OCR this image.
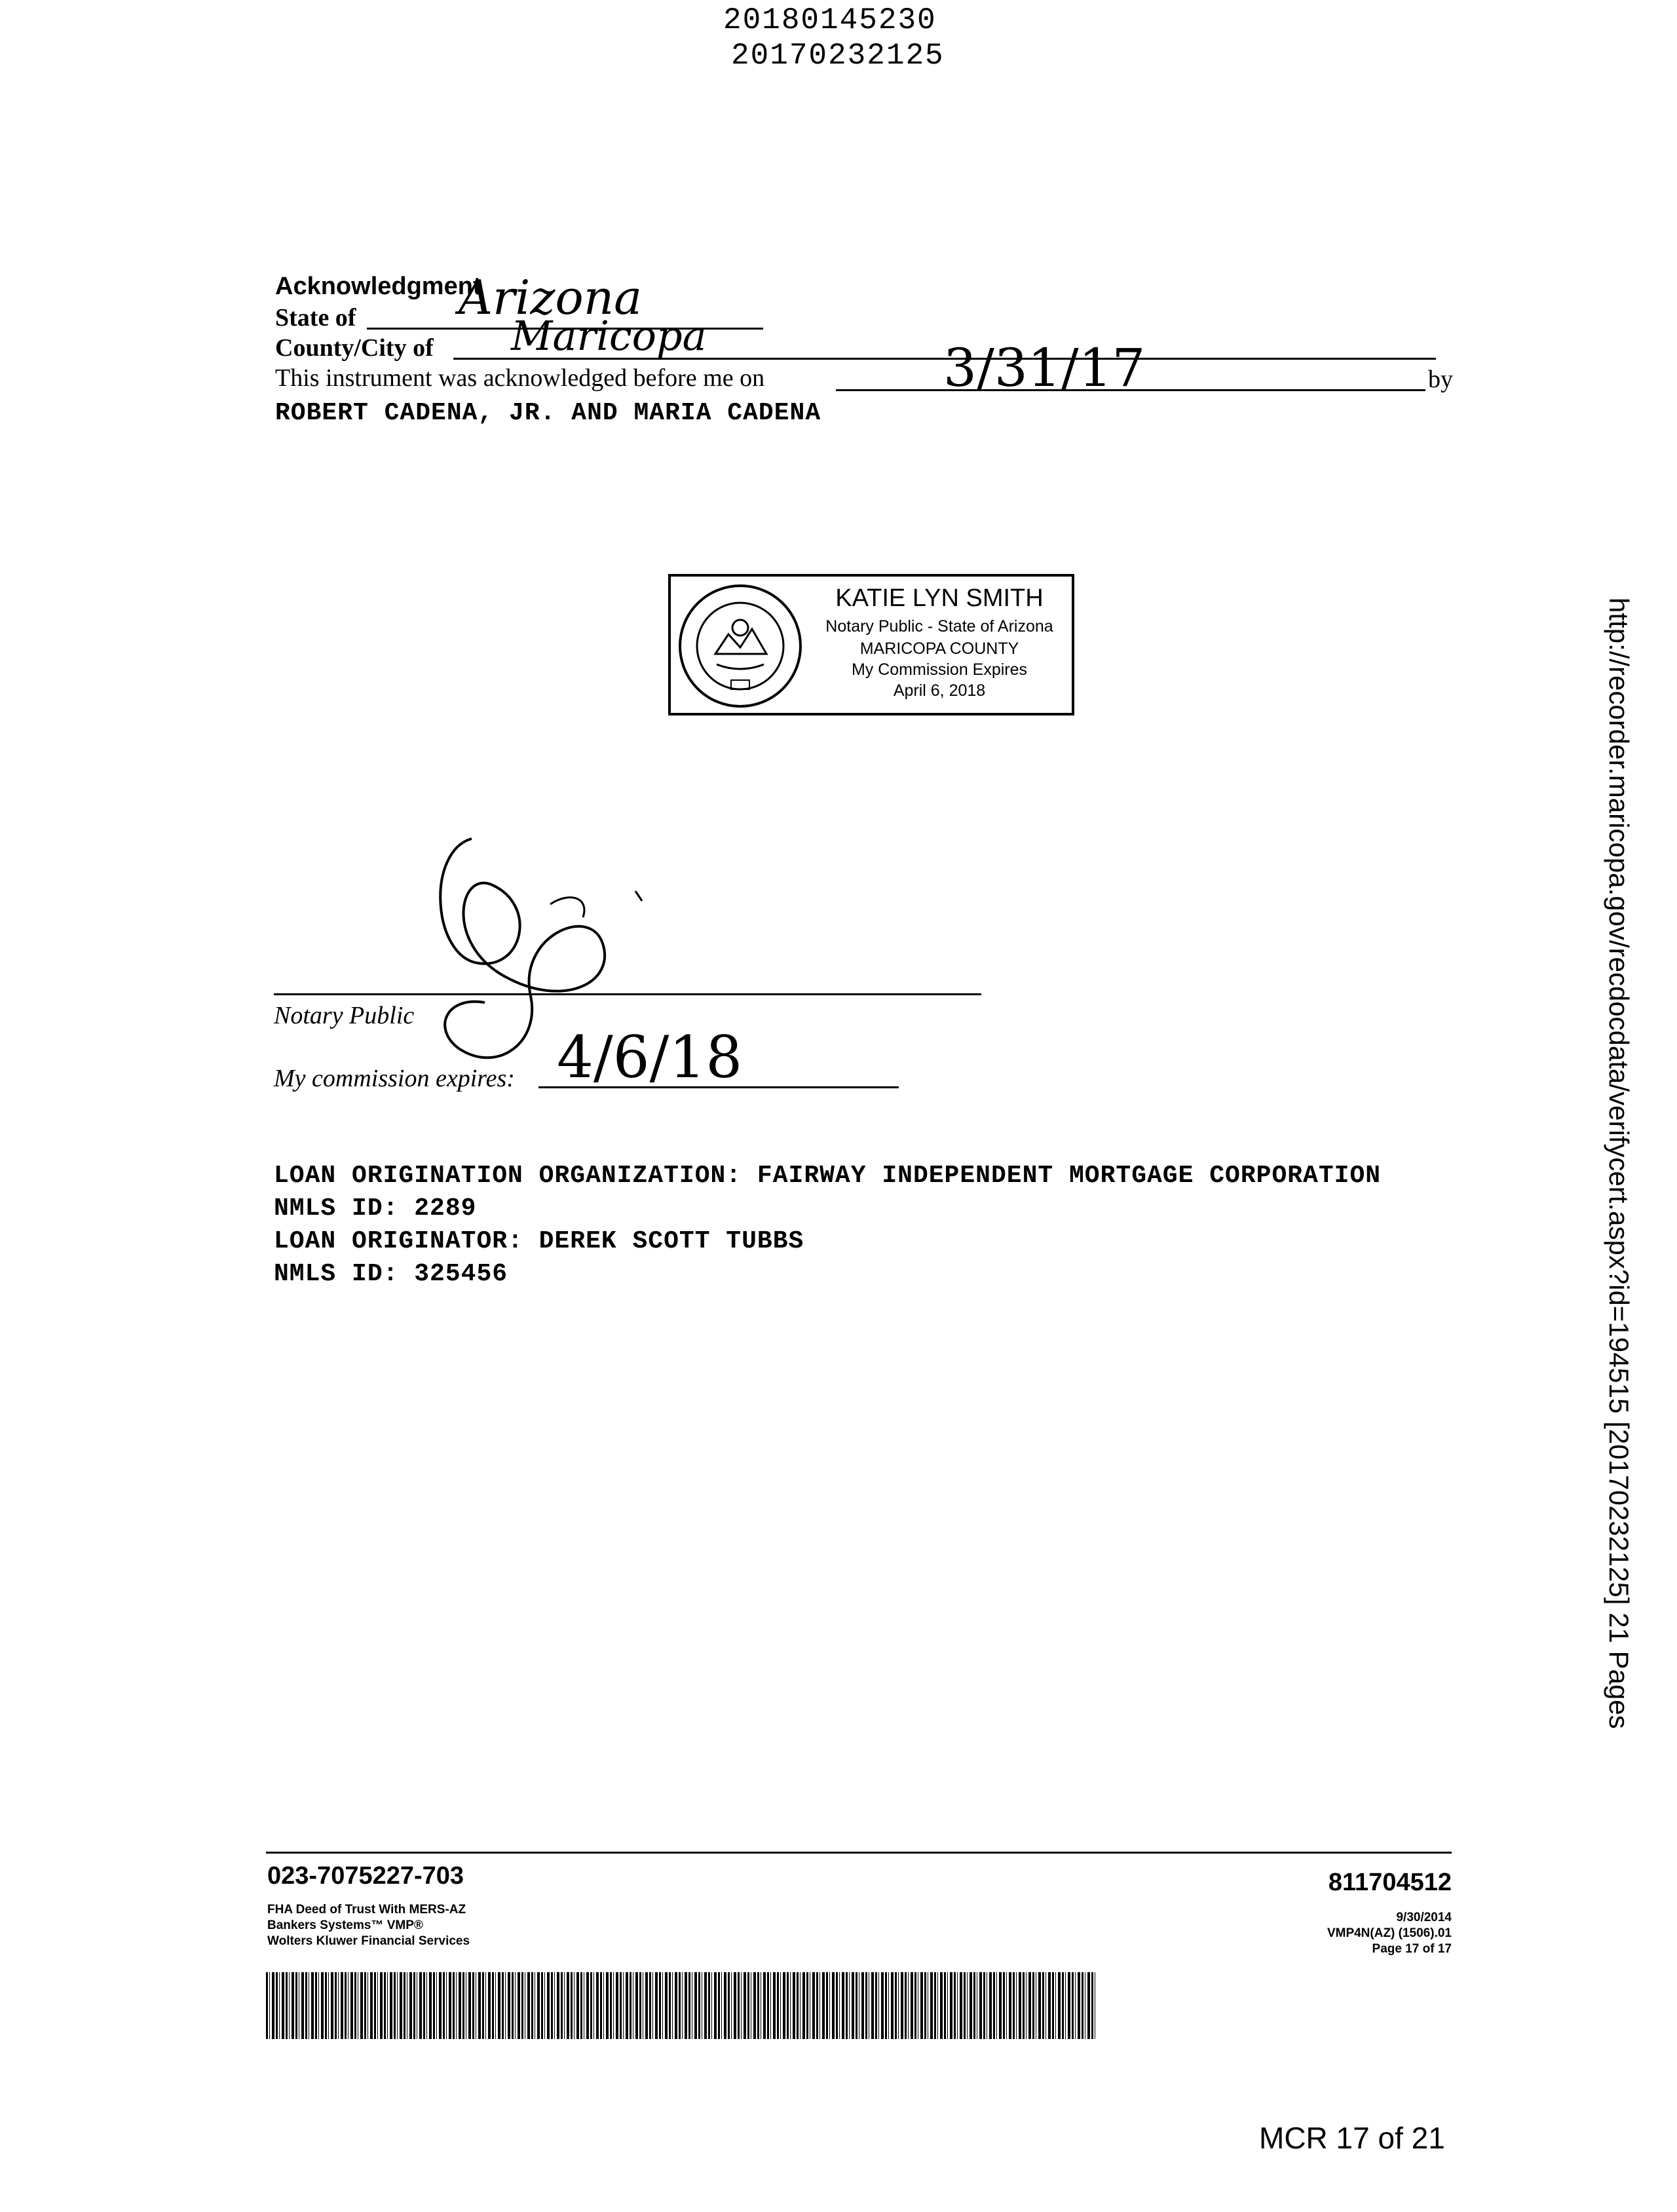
20180145230
20170232125
Acknowledgment
State of Arizona
County/City of Maricopa
This instrument was acknowledged before me on	3/31/17	by
ROBERT CADENA, JR. AND MARIA CADENA
KATIE LYN SMITH
Notary Public - State of Arizona
MARICOPA COUNTY
My Commission Expires
April 6, 2018
Notary Public
My commission expires: 4/6/18
LOAN ORIGINATION ORGANIZATION: FAIRWAY INDEPENDENT MORTGAGE CORPORATION
NMLS ID: 2289
LOAN ORIGINATOR: DEREK SCOTT TUBBS
NMLS ID: 325456	http://recorder.maricopa.gov/recdocdata/verifycert.aspx?id=194515 [20170232125] 21 Pages
023-7075227-703
FHA Deed of Trust With MERS-AZ
Bankers Systems™ VMP®
Wolters Kluwer Financial Services
811704512
9/30/2014
VMP4N(AZ) (1506).01
Page 17 of 17
MCR 17 of 21
